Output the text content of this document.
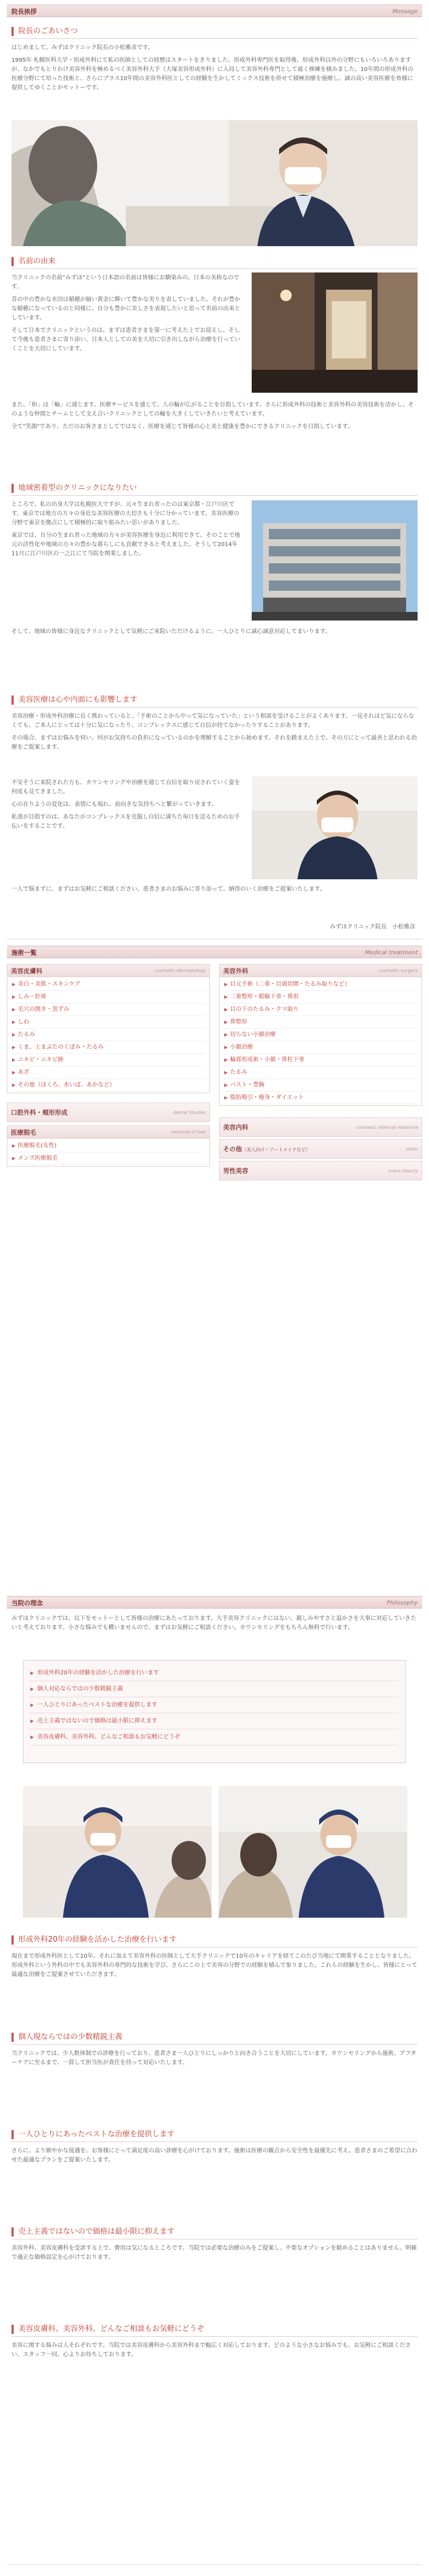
院長挨拶	Message
院長のごあいさつ

はじめまして。みずほクリニック院長の小松雅彦です。

1995年 札幌医科大学・形成外科にて私の医師としての経歴はスタートをきりました。形成外科専門医を取得後、形成外科以外の分野にもいろいろありますが、なかでもとりわけ美容外科を極めるべく美容外科大手（大塚美容形成外科）に入局して美容外科専門として最く修練を積みました。10年間の形成外科の医療分野にて培った技術と、さらにプラス10年間の美容外科医としての経験を生かしてミックス技術を併せて積極治療を施療し、誠の高い美容医療を皆様に提供してゆくことがモットーです。

名前の由来

当クリニックの名前"みずほ"という日本語の名前は皆様にお馴染みの、日本の美称なのです。

昔の中の豊かな水田は稲穂が揃い黄金に輝いて豊かな実りを表していました。それが豊かな稲穂になっているのと同様に、自分も豊かに美しさを表現したいと思って名前の由来としています。

そして日本でクリニックというのは、まずは患者さまを第一に考えた上でお迎えし、そして今後も患者さまに寄り添い、日本人としての美を大切に引き出しながら治療を行っていくことを大切にしています。

また、「和」は「輪」に通じます。医療サービスを通じて、人の輪が広がることを目指しています。さらに形成外科の技術と美容外科の美容技術を活かし、そのような仲間とチームとして支え合いクリニックとしての輪を大きくしていきたいと考えています。

全て"笑顔"であり、ただのお客さまとしてではなく、医療を通じて皆様の心と美と健康を豊かにできるクリニックを目指しています。

地域密着型のクリニックになりたい

ところで、私の出身大学は札幌医大ですが、元々生まれ育ったのは東京都・江戸川区です。東京では地方の方々の身近な美容医療の大切さも十分に分かっています。美容医療の分野で東京を拠点にして積極的に取り組みたい思いがありました。

東京では、自分の生まれ育った地域の方々が美容医療を身近に利用できて、そのことで地元の活性化や地域の方々の豊かな暮らしにも貢献できると考えました。そうして2014年11月に江戸川区の一之江にて当院を開業しました。

そして、地域の皆様に身近なクリニックとして気軽にご来院いただけるように、一人ひとりに誠心誠意対応してまいります。

美容医療は心や内面にも影響します

美容治療・形成外科治療に長く携わっていると、「手術のことから中って気になっていた」という相談を受けることがよくあります。一見それほど気にならなくても、ご本人にとっては十分に気になったり、コンプレックスに感じて自信が持てなかったりすることがあります。

その場合、まずはお悩みを伺い、何がお気持ちの負担になっているのかを理解することから始めます。それを踏まえた上で、その方にとって最善と思われる治療をご提案します。

不安そうに来院された方も、カウンセリングや治療を通じて自信を取り戻されていく姿を何度も見てきました。

心の在りようの変化は、表情にも現れ、前向きな気持ちへと繋がっていきます。

私達が目指すのは、あなたがコンプレックスを克服し自信に満ちた毎日を送るためのお手伝いをすることです。

一人で悩まずに、まずはお気軽にご相談ください。患者さまのお悩みに寄り添って、納得のいく治療をご提案いたします。

みずほクリニック院長　小松雅彦
施術一覧	Medical treatment
美容皮膚科	cosmetic dermatology
▶ 美白・美肌・スキンケア
▶ しみ・肝斑
▶ 毛穴の開き・黒ずみ
▶ しわ
▶ たるみ
▶ くま、上まぶたのくぼみ・たるみ
▶ ニキビ・ニキビ跡
▶ あざ
▶ その他（ほくろ、水いぼ、あかなど）
口腔外科・頬形形成	dental Studies
医療脱毛	removal of hair
▶ 医療脱毛(女性)
▶ メンズ医療脱毛
美容外科	cosmetic surgery
▶ 目元手術（二重・目頭切開・たるみ取りなど）
▶ 二重整形・眼瞼下垂・鼻形
▶ 目の下のたるみ・クマ取り
▶ 鼻整形
▶ 切らない小顔治療
▶ 小顔治療
▶ 輪郭形成術・小顔・鼻柱下垂
▶ たるみ
▶ バスト・豊胸
▶ 脂肪吸引・痩身・ダイエット
美容内科	cosmetic internal medicine
その他（美人向け・アートメイクなど）	other
男性美容	mens beauty
当院の理念	Philosophy
みずほクリニックでは、以下をモットーとして皆様の治療にあたっております。大手美容クリニックにはない、親しみやすさと温かさを大事に対応していきたいと考えております。小さな悩みでも構いませんので、まずはお気軽にご相談ください。カウンセリングをもちろん無料で行います。
▶ 形成外科20年の経験を活かした治療を行います
▶ 個人対応ならではの少数精鋭主義
▶ 一人ひとりにあったベストな治療を提供します
▶ 売上主義ではないので価格は最小限に抑えます
▶ 美容皮膚科、美容外科、どんなご相談もお気軽にどうぞ
形成外科20年の経験を活かした治療を行います
現在まで形成外科医として10年、それに加えて美容外科の医師として大手クリニックで10年のキャリアを経てこのたび当地にて開業することとなりました。形成外科という外科の中でも美容外科の専門的な技術を学び、さらにこの上で美容の分野での経験を積んで参りました。これらの経験を生かし、皆様にとって最適な治療をご提案させていただきます。
個人現ならではの少数精鋭主義
当クリニックでは、少人数体制での診療を行っており、患者さま一人ひとりにしっかりと向き合うことを大切にしています。カウンセリングから施術、アフターケアに至るまで、一貫して担当医が責任を持って対応いたします。
一人ひとりにあったベストな治療を提供します
さらに、より細やかな接遇を、お客様にとって満足度の高い診療を心がけております。施術は医療の観点から安全性を最優先に考え、患者さまのご希望に合わせた最適なプランをご提案いたします。
売上主義ではないので価格は最小限に抑えます
美容外科、美容皮膚科を受診する上で、費用は気になるところです。当院では必要な治療のみをご提案し、不要なオプションを勧めることはありません。明確で適正な価格設定を心がけております。
美容皮膚科、美容外科、どんなご相談もお気軽にどうぞ
美容に関する悩みは人それぞれです。当院では美容皮膚科から美容外科まで幅広く対応しております。どのような小さなお悩みでも、お気軽にご相談ください。スタッフ一同、心よりお待ちしております。
